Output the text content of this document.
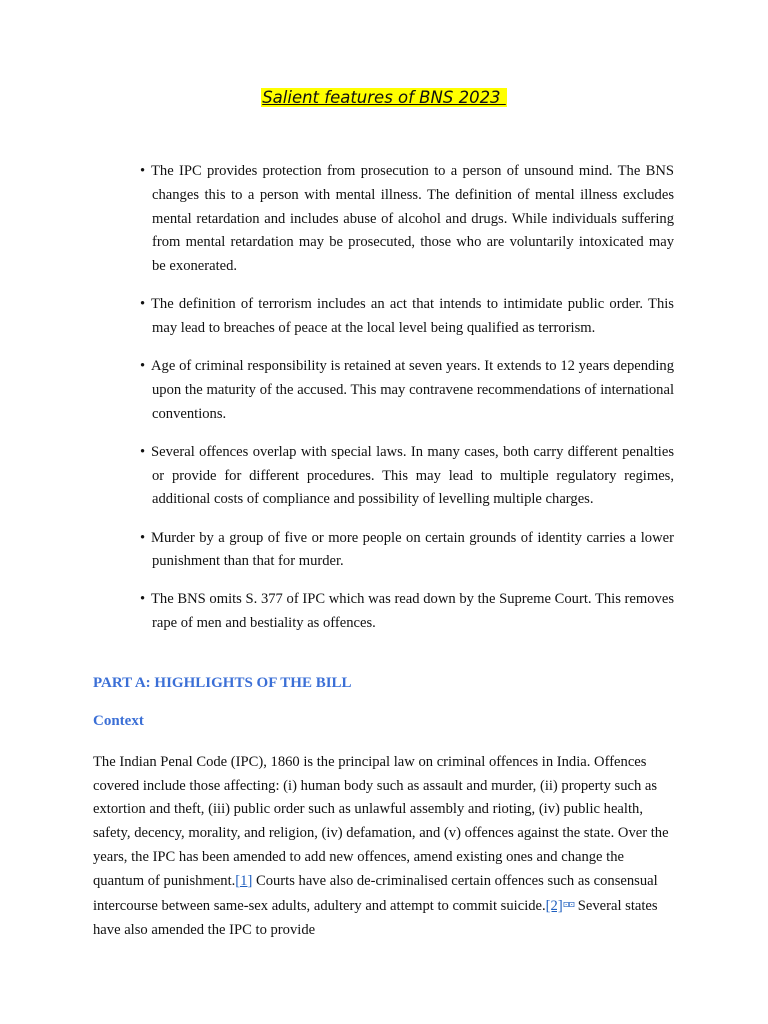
Salient features of BNS 2023
• The IPC provides protection from prosecution to a person of unsound mind. The BNS changes this to a person with mental illness. The definition of mental illness excludes mental retardation and includes abuse of alcohol and drugs. While individuals suffering from mental retardation may be prosecuted, those who are voluntarily intoxicated may be exonerated.
• The definition of terrorism includes an act that intends to intimidate public order. This may lead to breaches of peace at the local level being qualified as terrorism.
• Age of criminal responsibility is retained at seven years. It extends to 12 years depending upon the maturity of the accused. This may contravene recommendations of international conventions.
• Several offences overlap with special laws. In many cases, both carry different penalties or provide for different procedures. This may lead to multiple regulatory regimes, additional costs of compliance and possibility of levelling multiple charges.
• Murder by a group of five or more people on certain grounds of identity carries a lower punishment than that for murder.
• The BNS omits S. 377 of IPC which was read down by the Supreme Court. This removes rape of men and bestiality as offences.
PART A: HIGHLIGHTS OF THE BILL
Context
The Indian Penal Code (IPC), 1860 is the principal law on criminal offences in India. Offences covered include those affecting: (i) human body such as assault and murder, (ii) property such as extortion and theft, (iii) public order such as unlawful assembly and rioting, (iv) public health, safety, decency, morality, and religion, (iv) defamation, and (v) offences against the state. Over the years, the IPC has been amended to add new offences, amend existing ones and change the quantum of punishment.[1] Courts have also de-criminalised certain offences such as consensual intercourse between same-sex adults, adultery and attempt to commit suicide.[2]⊡⊡ Several states have also amended the IPC to provide
